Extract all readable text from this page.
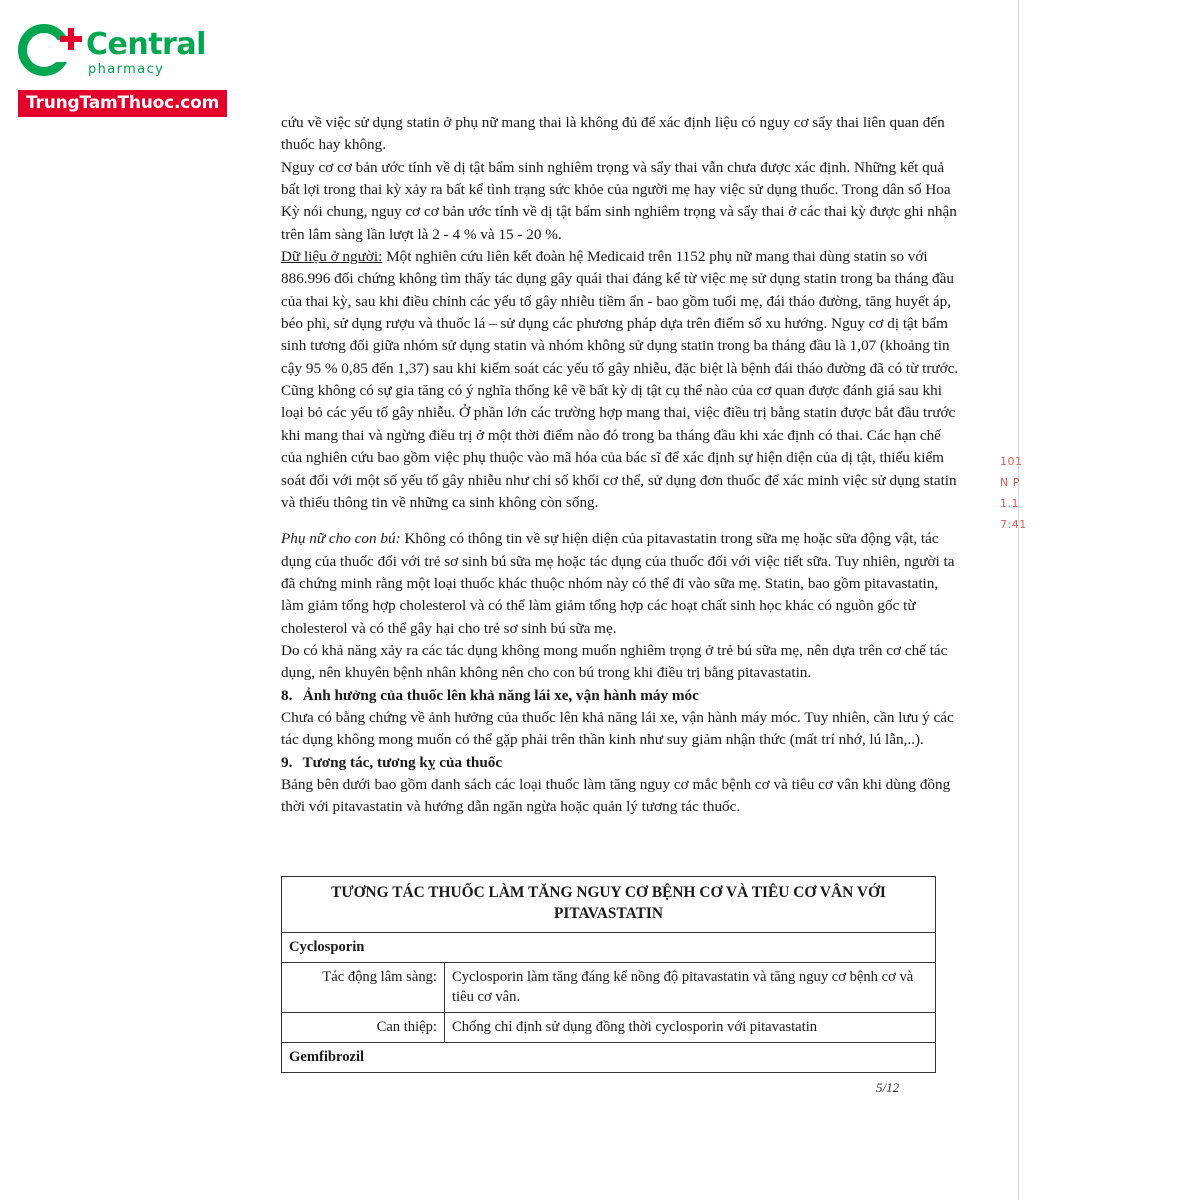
Central
pharmacy
TrungTamThuoc.com
101
N P
1.1
7:41

cứu về việc sử dụng statin ở phụ nữ mang thai là không đủ để xác định liệu có nguy cơ sẩy thai liên quan đến thuốc hay không.

Nguy cơ cơ bản ước tính về dị tật bẩm sinh nghiêm trọng và sẩy thai vẫn chưa được xác định. Những kết quả bất lợi trong thai kỳ xảy ra bất kể tình trạng sức khỏe của người mẹ hay việc sử dụng thuốc. Trong dân số Hoa Kỳ nói chung, nguy cơ cơ bản ước tính về dị tật bẩm sinh nghiêm trọng và sẩy thai ở các thai kỳ được ghi nhận trên lâm sàng lần lượt là 2 - 4 % và 15 - 20 %.

Dữ liệu ở người: Một nghiên cứu liên kết đoàn hệ Medicaid trên 1152 phụ nữ mang thai dùng statin so với 886.996 đối chứng không tìm thấy tác dụng gây quái thai đáng kể từ việc mẹ sử dụng statin trong ba tháng đầu của thai kỳ, sau khi điều chỉnh các yếu tố gây nhiễu tiềm ẩn - bao gồm tuổi mẹ, đái tháo đường, tăng huyết áp, béo phì, sử dụng rượu và thuốc lá – sử dụng các phương pháp dựa trên điểm số xu hướng. Nguy cơ dị tật bẩm sinh tương đối giữa nhóm sử dụng statin và nhóm không sử dụng statin trong ba tháng đầu là 1,07 (khoảng tin cậy 95 % 0,85 đến 1,37) sau khi kiểm soát các yếu tố gây nhiễu, đặc biệt là bệnh đái tháo đường đã có từ trước. Cũng không có sự gia tăng có ý nghĩa thống kê về bất kỳ dị tật cụ thể nào của cơ quan được đánh giá sau khi loại bỏ các yếu tố gây nhiễu. Ở phần lớn các trường hợp mang thai, việc điều trị bằng statin được bắt đầu trước khi mang thai và ngừng điều trị ở một thời điểm nào đó trong ba tháng đầu khi xác định có thai. Các hạn chế của nghiên cứu bao gồm việc phụ thuộc vào mã hóa của bác sĩ để xác định sự hiện diện của dị tật, thiếu kiểm soát đối với một số yếu tố gây nhiễu như chỉ số khối cơ thể, sử dụng đơn thuốc để xác minh việc sử dụng statin và thiếu thông tin về những ca sinh không còn sống.

Phụ nữ cho con bú: Không có thông tin về sự hiện diện của pitavastatin trong sữa mẹ hoặc sữa động vật, tác dụng của thuốc đối với trẻ sơ sinh bú sữa mẹ hoặc tác dụng của thuốc đối với việc tiết sữa. Tuy nhiên, người ta đã chứng minh rằng một loại thuốc khác thuộc nhóm này có thể đi vào sữa mẹ. Statin, bao gồm pitavastatin, làm giảm tổng hợp cholesterol và có thể làm giảm tổng hợp các hoạt chất sinh học khác có nguồn gốc từ cholesterol và có thể gây hại cho trẻ sơ sinh bú sữa mẹ.

Do có khả năng xảy ra các tác dụng không mong muốn nghiêm trọng ở trẻ bú sữa mẹ, nên dựa trên cơ chế tác dụng, nên khuyên bệnh nhân không nên cho con bú trong khi điều trị bằng pitavastatin.

8. Ảnh hưởng của thuốc lên khả năng lái xe, vận hành máy móc

Chưa có bằng chứng về ảnh hưởng của thuốc lên khả năng lái xe, vận hành máy móc. Tuy nhiên, cần lưu ý các tác dụng không mong muốn có thể gặp phải trên thần kinh như suy giảm nhận thức (mất trí nhớ, lú lẫn,..).

9. Tương tác, tương kỵ của thuốc

Bảng bên dưới bao gồm danh sách các loại thuốc làm tăng nguy cơ mắc bệnh cơ và tiêu cơ vân khi dùng đồng thời với pitavastatin và hướng dẫn ngăn ngừa hoặc quản lý tương tác thuốc.

TƯƠNG TÁC THUỐC LÀM TĂNG NGUY CƠ BỆNH CƠ VÀ TIÊU CƠ VÂN VỚI PITAVASTATIN	
Cyclosporin	
Tác động lâm sàng:	Cyclosporin làm tăng đáng kể nồng độ pitavastatin và tăng nguy cơ bệnh cơ và tiêu cơ vân.
Can thiệp:	Chống chỉ định sử dụng đồng thời cyclosporin với pitavastatin
Gemfibrozil	
5/12
